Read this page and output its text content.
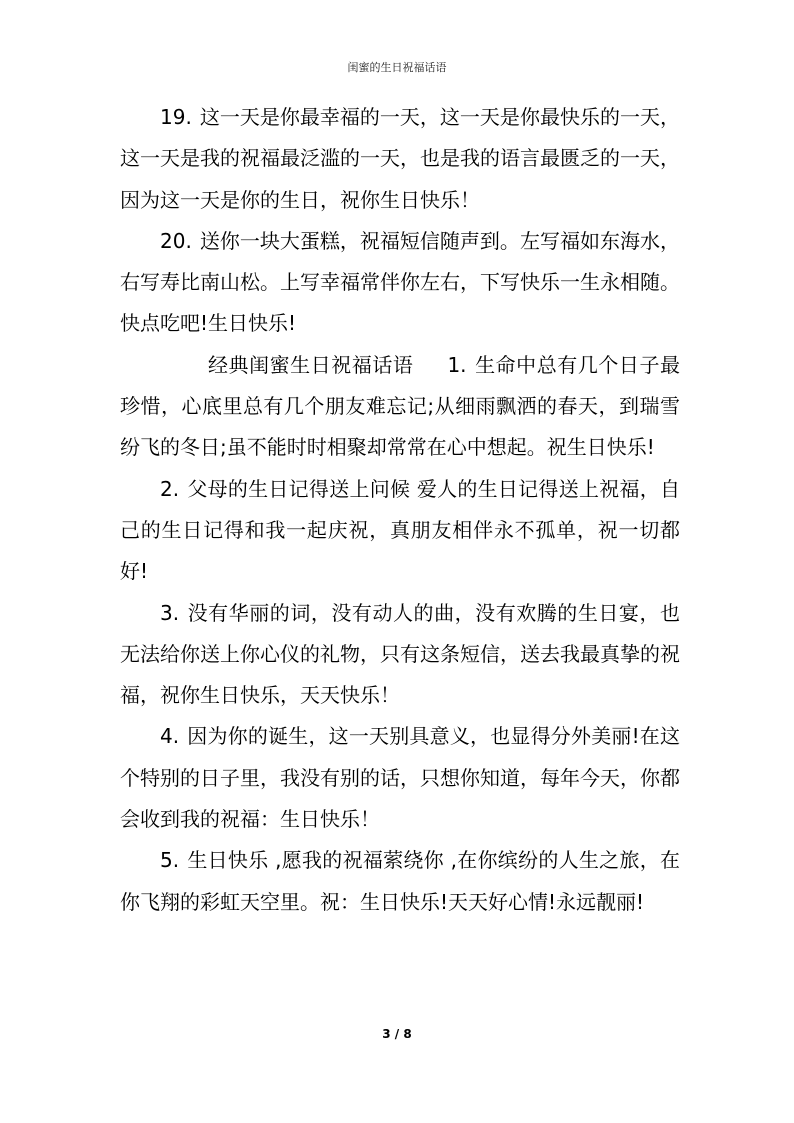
闺蜜的生日祝福话语

19. 这一天是你最幸福的一天，这一天是你最快乐的一天，这一天是我的祝福最泛滥的一天，也是我的语言最匮乏的一天，因为这一天是你的生日，祝你生日快乐！

20. 送你一块大蛋糕，祝福短信随声到。左写福如东海水，右写寿比南山松。上写幸福常伴你左右，下写快乐一生永相随。快点吃吧!生日快乐!

经典闺蜜生日祝福话语 1. 生命中总有几个日子最珍惜，心底里总有几个朋友难忘记;从细雨飘洒的春天，到瑞雪纷飞的冬日;虽不能时时相聚却常常在心中想起。祝生日快乐!

2. 父母的生日记得送上问候 爱人的生日记得送上祝福，自己的生日记得和我一起庆祝，真朋友相伴永不孤单，祝一切都好!

3. 没有华丽的词，没有动人的曲，没有欢腾的生日宴，也无法给你送上你心仪的礼物，只有这条短信，送去我最真挚的祝福，祝你生日快乐，天天快乐！

4. 因为你的诞生，这一天别具意义，也显得分外美丽!在这个特别的日子里，我没有别的话，只想你知道，每年今天，你都会收到我的祝福：生日快乐！

5. 生日快乐 ,愿我的祝福萦绕你 ,在你缤纷的人生之旅，在你飞翔的彩虹天空里。祝：生日快乐!天天好心情!永远靓丽!

3 / 8
